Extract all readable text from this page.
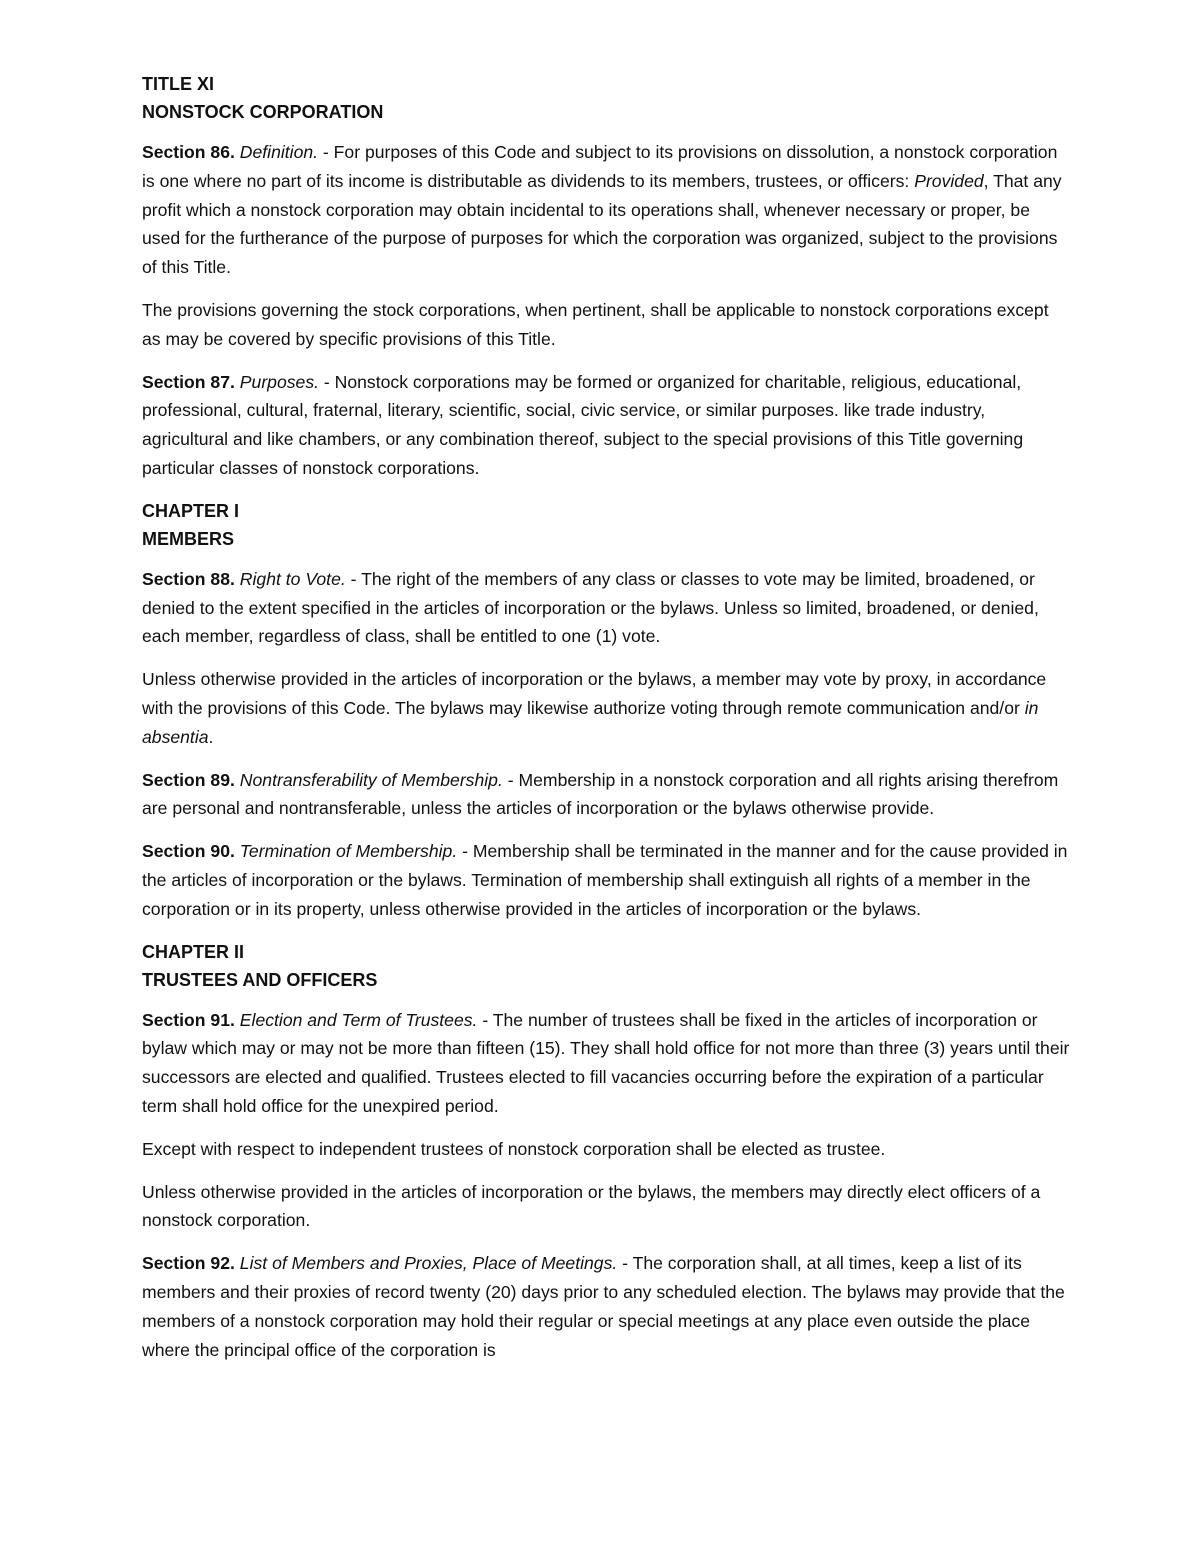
TITLE XI
NONSTOCK CORPORATION

Section 86. Definition. - For purposes of this Code and subject to its provisions on dissolution, a nonstock corporation is one where no part of its income is distributable as dividends to its members, trustees, or officers: Provided, That any profit which a nonstock corporation may obtain incidental to its operations shall, whenever necessary or proper, be used for the furtherance of the purpose of purposes for which the corporation was organized, subject to the provisions of this Title.

The provisions governing the stock corporations, when pertinent, shall be applicable to nonstock corporations except as may be covered by specific provisions of this Title.

Section 87. Purposes. - Nonstock corporations may be formed or organized for charitable, religious, educational, professional, cultural, fraternal, literary, scientific, social, civic service, or similar purposes. like trade industry, agricultural and like chambers, or any combination thereof, subject to the special provisions of this Title governing particular classes of nonstock corporations.

CHAPTER I
MEMBERS

Section 88. Right to Vote. - The right of the members of any class or classes to vote may be limited, broadened, or denied to the extent specified in the articles of incorporation or the bylaws. Unless so limited, broadened, or denied, each member, regardless of class, shall be entitled to one (1) vote.

Unless otherwise provided in the articles of incorporation or the bylaws, a member may vote by proxy, in accordance with the provisions of this Code. The bylaws may likewise authorize voting through remote communication and/or in absentia.

Section 89. Nontransferability of Membership. - Membership in a nonstock corporation and all rights arising therefrom are personal and nontransferable, unless the articles of incorporation or the bylaws otherwise provide.

Section 90. Termination of Membership. - Membership shall be terminated in the manner and for the cause provided in the articles of incorporation or the bylaws. Termination of membership shall extinguish all rights of a member in the corporation or in its property, unless otherwise provided in the articles of incorporation or the bylaws.

CHAPTER II
TRUSTEES AND OFFICERS

Section 91. Election and Term of Trustees. - The number of trustees shall be fixed in the articles of incorporation or bylaw which may or may not be more than fifteen (15). They shall hold office for not more than three (3) years until their successors are elected and qualified. Trustees elected to fill vacancies occurring before the expiration of a particular term shall hold office for the unexpired period.

Except with respect to independent trustees of nonstock corporation shall be elected as trustee.

Unless otherwise provided in the articles of incorporation or the bylaws, the members may directly elect officers of a nonstock corporation.

Section 92. List of Members and Proxies, Place of Meetings. - The corporation shall, at all times, keep a list of its members and their proxies of record twenty (20) days prior to any scheduled election. The bylaws may provide that the members of a nonstock corporation may hold their regular or special meetings at any place even outside the place where the principal office of the corporation is
